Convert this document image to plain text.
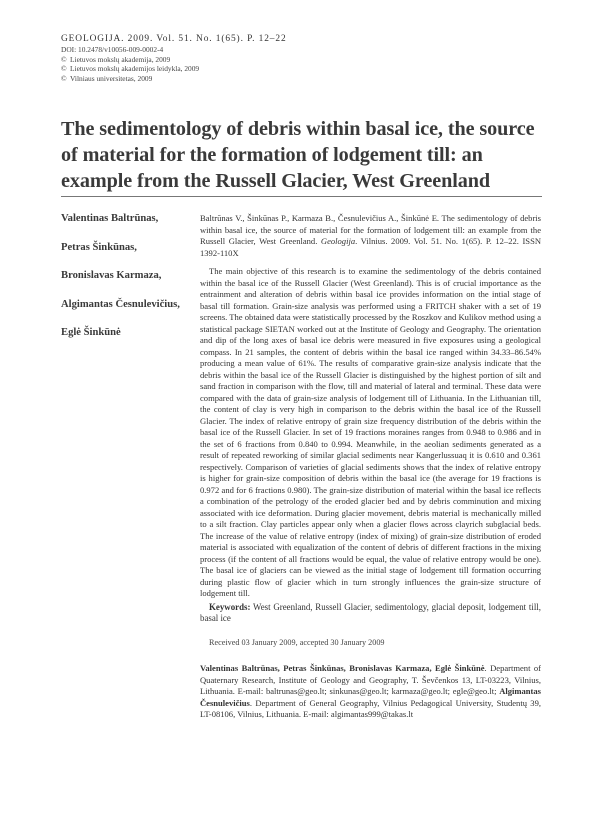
GEOLOGIJA. 2009. Vol. 51. No. 1(65). P. 12–22
DOI: 10.2478/v10056-009-0002-4
© Lietuvos mokslų akademija, 2009
© Lietuvos mokslų akademijos leidykla, 2009
© Vilniaus universitetas, 2009
The sedimentology of debris within basal ice, the source of material for the formation of lodgement till: an example from the Russell Glacier, West Greenland
Valentinas Baltrūnas,
Petras Šinkūnas,
Bronislavas Karmaza,
Algimantas Česnulevičius,
Eglė Šinkūnė

Baltrūnas V., Šinkūnas P., Karmaza B., Česnulevičius A., Šinkūnė E. The sedimentology of debris within basal ice, the source of material for the formation of lodgement till: an example from the Russell Glacier, West Greenland. Geologija. Vilnius. 2009. Vol. 51. No. 1(65). P. 12–22. ISSN 1392-110X

The main objective of this research is to examine the sedimentology of the debris contained within the basal ice of the Russell Glacier (West Greenland). This is of crucial importance as the entrainment and alteration of debris within basal ice provides information on the intial stage of basal till formation. Grain-size analysis was performed using a FRITCH shaker with a set of 19 screens. The obtained data were statistically processed by the Roszkov and Kulikov method using a statistical package SIETAN worked out at the Institute of Geology and Geography. The orientation and dip of the long axes of basal ice debris were measured in five exposures using a geological compass. In 21 samples, the content of debris within the basal ice ranged within 34.33–86.54% producing a mean value of 61%. The results of comparative grain-size analysis indicate that the debris within the basal ice of the Russell Glacier is distinguished by the highest portion of silt and sand fraction in comparison with the flow, till and material of lateral and terminal. These data were compared with the data of grain-size analysis of lodgement till of Lithuania. In the Lithuanian till, the content of clay is very high in comparison to the debris within the basal ice of the Russell Glacier. The index of relative entropy of grain size frequency distribution of the debris within the basal ice of the Russell Glacier. In set of 19 fractions moraines ranges from 0.948 to 0.986 and in the set of 6 fractions from 0.840 to 0.994. Meanwhile, in the aeolian sediments generated as a result of repeated reworking of similar glacial sediments near Kangerlussuaq it is 0.610 and 0.361 respectively. Comparison of varieties of glacial sediments shows that the index of relative entropy is higher for grain-size composition of debris within the basal ice (the average for 19 fractions is 0.972 and for 6 fractions 0.980). The grain-size distribution of material within the basal ice reflects a combination of the petrology of the eroded glacier bed and by debris comminution and mixing associated with ice deformation. During glacier movement, debris material is mechanically milled to a silt fraction. Clay particles appear only when a glacier flows across clayrich subglacial beds. The increase of the value of relative entropy (index of mixing) of grain-size distribution of eroded material is associated with equalization of the content of debris of different fractions in the mixing process (if the content of all fractions would be equal, the value of relative entropy would be one). The basal ice of glaciers can be viewed as the initial stage of lodgement till formation occurring during plastic flow of glacier which in turn strongly influences the grain-size structure of lodgement till.

Keywords: West Greenland, Russell Glacier, sedimentology, glacial deposit, lodgement till, basal ice

Received 03 January 2009, accepted 30 January 2009

Valentinas Baltrūnas, Petras Šinkūnas, Bronislavas Karmaza, Eglė Šinkūnė. Department of Quaternary Research, Institute of Geology and Geography, T. Ševčenkos 13, LT-03223, Vilnius, Lithuania. E-mail: baltrunas@geo.lt; sinkunas@geo.lt; karmaza@geo.lt; egle@geo.lt; Algimantas Česnulevičius. Department of General Geography, Vilnius Pedagogical University, Studentų 39, LT-08106, Vilnius, Lithuania. E-mail: algimantas999@takas.lt
